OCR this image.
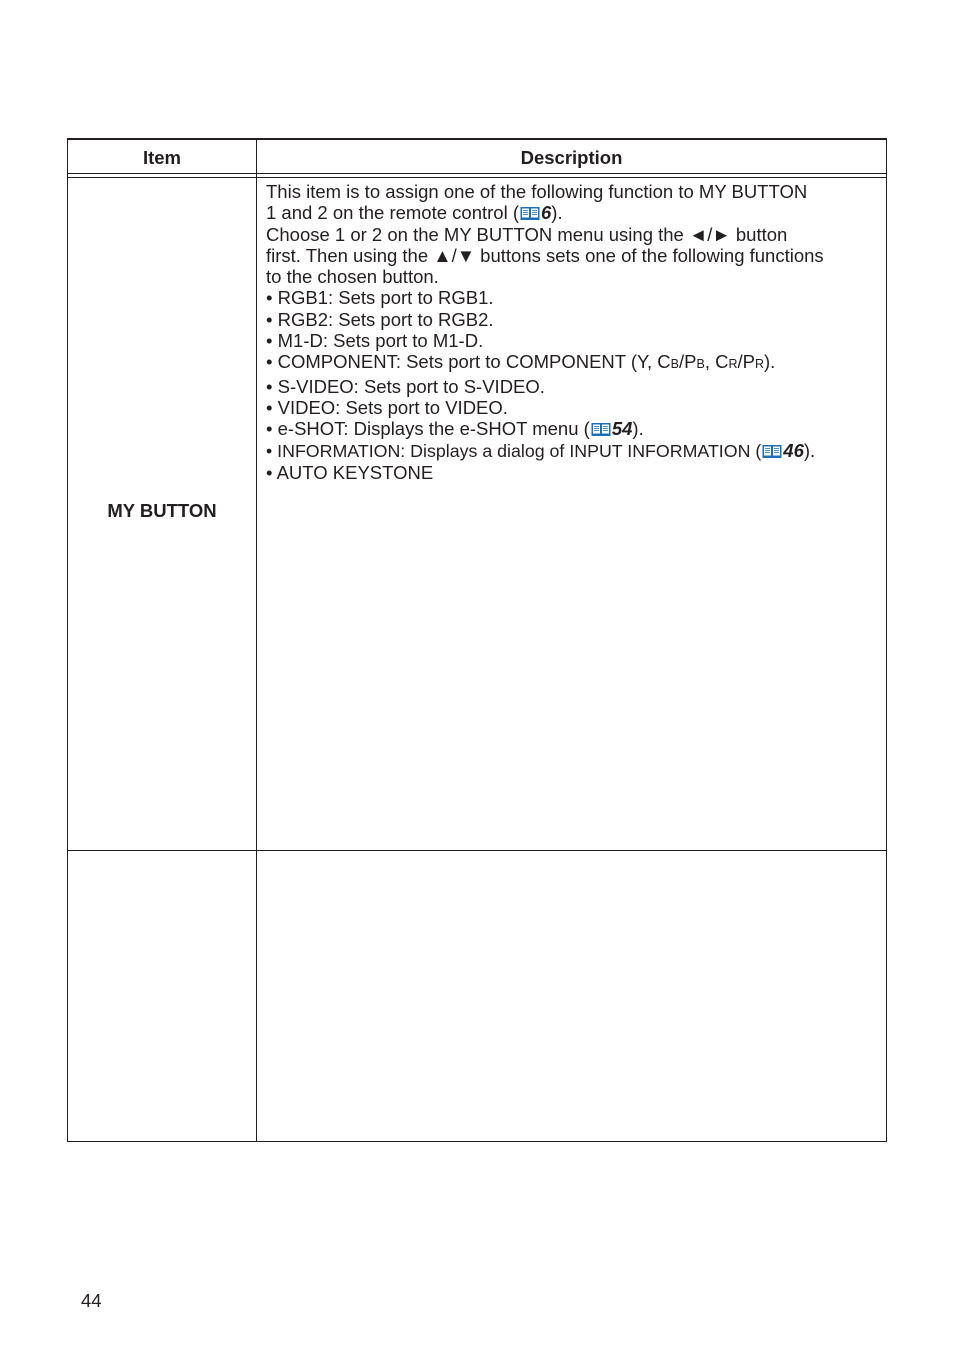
Item	Description
MY BUTTON
This item is to assign one of the following function to MY BUTTON
1 and 2 on the remote control ( 6).
Choose 1 or 2 on the MY BUTTON menu using the ◄/► button
first. Then using the ▲/▼ buttons sets one of the following functions
to the chosen button.
• RGB1: Sets port to RGB1.
• RGB2: Sets port to RGB2.
• M1-D: Sets port to M1-D.
• COMPONENT: Sets port to COMPONENT (Y, CB/PB, CR/PR).
• S-VIDEO: Sets port to S-VIDEO.
• VIDEO: Sets port to VIDEO.
• e-SHOT: Displays the e-SHOT menu ( 54).
• INFORMATION: Displays a dialog of INPUT INFORMATION ( 46).
• AUTO KEYSTONE
44
